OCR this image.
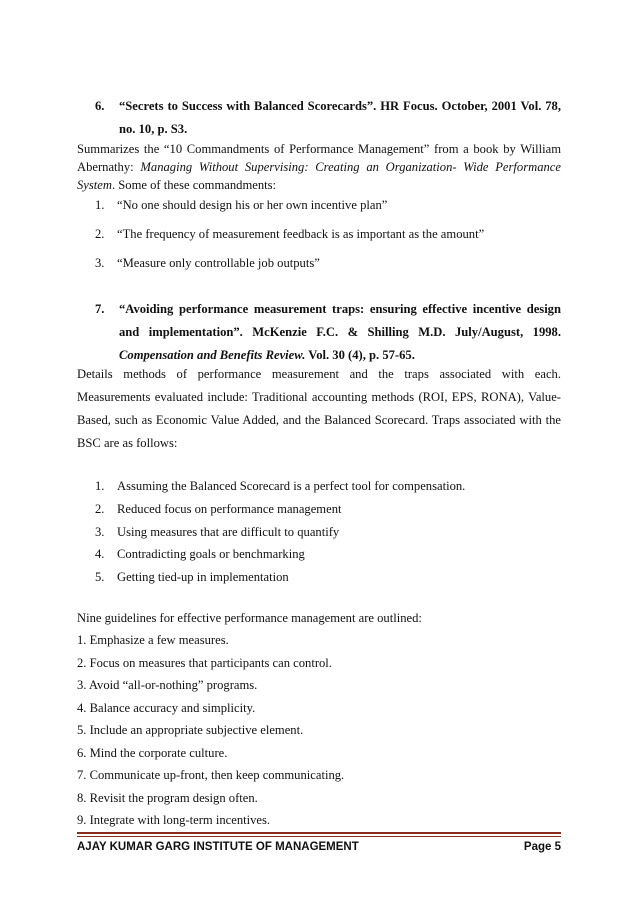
6. “Secrets to Success with Balanced Scorecards”. HR Focus. October, 2001 Vol. 78, no. 10, p. S3.
Summarizes the “10 Commandments of Performance Management” from a book by William Abernathy: Managing Without Supervising: Creating an Organization- Wide Performance System. Some of these commandments:
1. “No one should design his or her own incentive plan”
2. “The frequency of measurement feedback is as important as the amount”
3. “Measure only controllable job outputs”
7. “Avoiding performance measurement traps: ensuring effective incentive design and implementation”. McKenzie F.C. & Shilling M.D. July/August, 1998. Compensation and Benefits Review. Vol. 30 (4), p. 57-65.
Details methods of performance measurement and the traps associated with each. Measurements evaluated include: Traditional accounting methods (ROI, EPS, RONA), Value-Based, such as Economic Value Added, and the Balanced Scorecard. Traps associated with the BSC are as follows:
1. Assuming the Balanced Scorecard is a perfect tool for compensation.
2. Reduced focus on performance management
3. Using measures that are difficult to quantify
4. Contradicting goals or benchmarking
5. Getting tied-up in implementation
Nine guidelines for effective performance management are outlined:
1. Emphasize a few measures.
2. Focus on measures that participants can control.
3. Avoid “all-or-nothing” programs.
4. Balance accuracy and simplicity.
5. Include an appropriate subjective element.
6. Mind the corporate culture.
7. Communicate up-front, then keep communicating.
8. Revisit the program design often.
9. Integrate with long-term incentives.
AJAY KUMAR GARG INSTITUTE OF MANAGEMENT	Page 5
